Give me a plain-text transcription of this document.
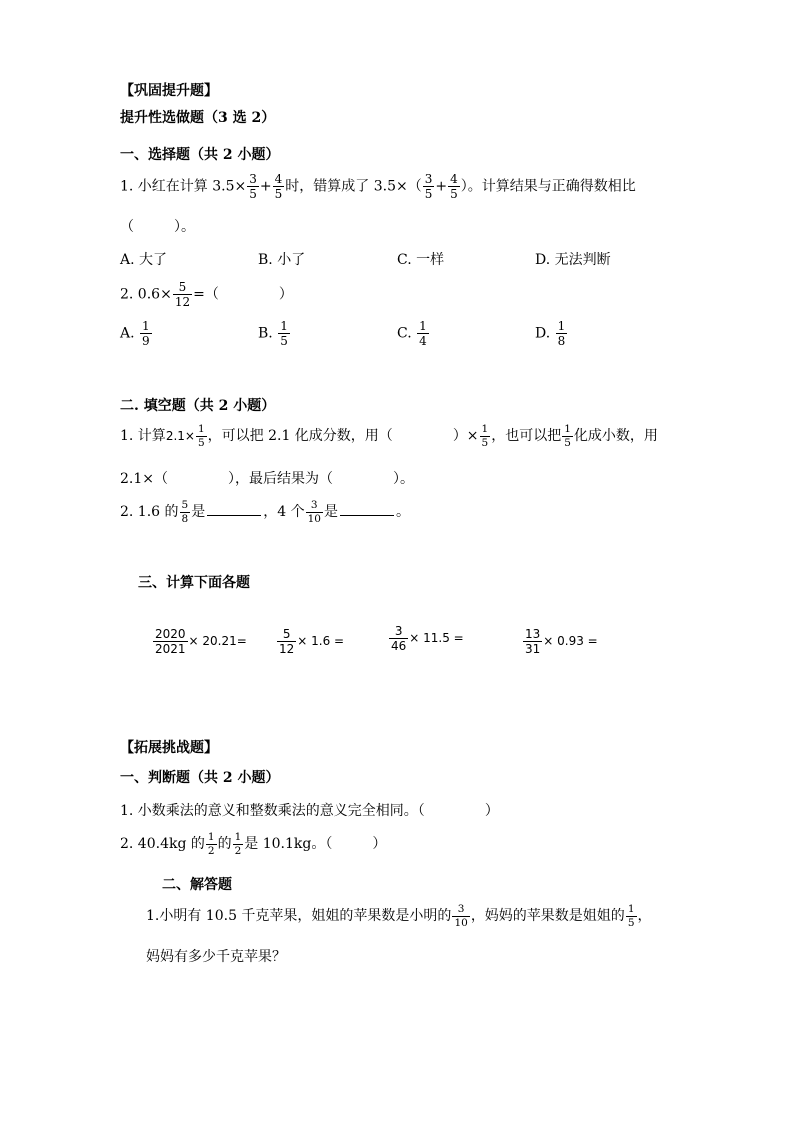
【巩固提升题】
提升性选做题（3 选 2）
一、选择题（共 2 小题）
1. 小红在计算 $3.5\times \frac{3}{5} + \frac{4}{5}$ 时，错算成了 $3.5\times( \frac{3}{5} + \frac{4}{5}$ ）。计算结果与正确得数相比
（	）。
A. 大了	B. 小了	C. 一样	D. 无法判断
2. $0.6\times \frac{5}{12}$ =（	）
A. $\frac{1}{9}$	B. $\frac{1}{5}$	C. $\frac{1}{4}$	D. $\frac{1}{8}$
二. 填空题（共 2 小题）
1. 计算$2.1\times \frac{1}{5}$ ，可以把 2.1 化成分数，用（	）× $\frac{1}{5}$ ，也可以把 $\frac{1}{5}$ 化成小数，用
2.1×（	），最后结果为（	）。
2. 1.6 的 $\frac{5}{8}$ 是	，4 个 $\frac{3}{10}$ 是	。
三、计算下面各题
$\frac{2020}{2021} \times 20.21=$	$\frac{5}{12} \times 1.6$ =	$\frac{3}{46} \times 11.5$ =	$\frac{13}{31} \times 0.93$ =
【拓展挑战题】
一、判断题（共 2 小题）
1. 小数乘法的意义和整数乘法的意义完全相同。（	）
2. 40.4kg 的 $\frac{1}{2}$ 的 $\frac{1}{2}$ 是 10.1kg。（	）
二、解答题
1.小明有 10.5 千克苹果，姐姐的苹果数是小明的 $\frac{3}{10}$ ，妈妈的苹果数是姐姐的 $\frac{1}{5}$ ，
妈妈有多少千克苹果？
